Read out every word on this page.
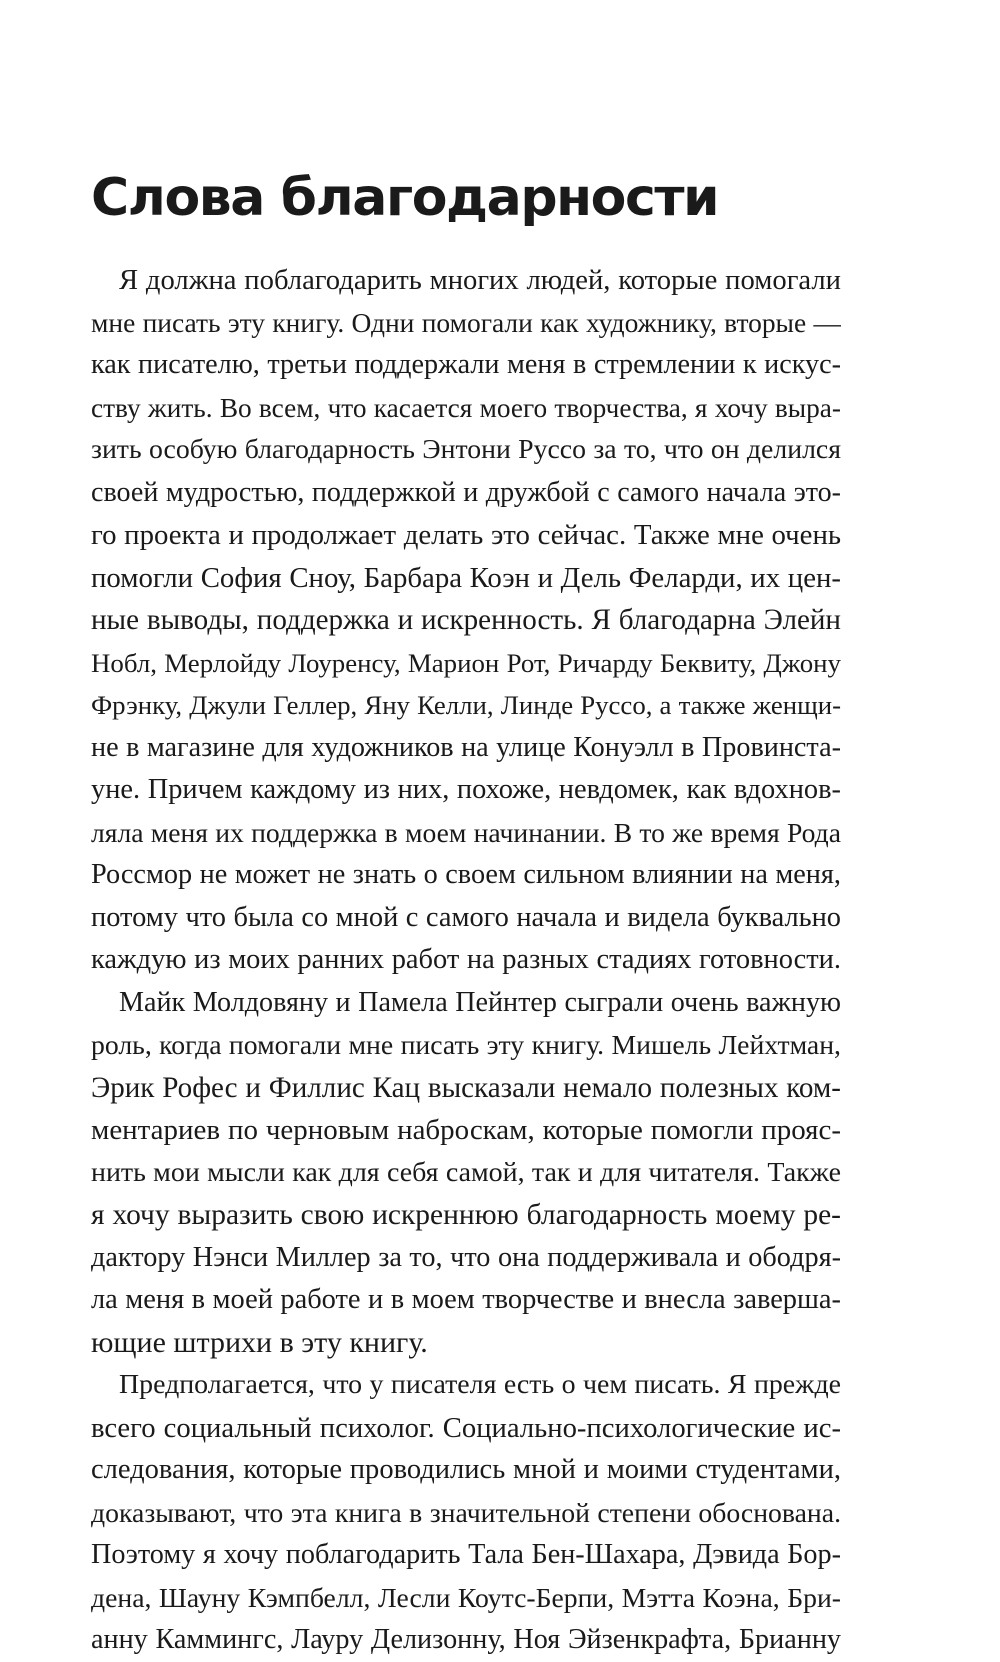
Слова благодарности
Я должна поблагодарить многих людей, которые помогали
мне писать эту книгу. Одни помогали как художнику, вторые —
как писателю, третьи поддержали меня в стремлении к искус-
ству жить. Во всем, что касается моего творчества, я хочу выра-
зить особую благодарность Энтони Руссо за то, что он делился
своей мудростью, поддержкой и дружбой с самого начала это-
го проекта и продолжает делать это сейчас. Также мне очень
помогли София Сноу, Барбара Коэн и Дель Феларди, их цен-
ные выводы, поддержка и искренность. Я благодарна Элейн
Нобл, Мерлойду Лоуренсу, Марион Рот, Ричарду Беквиту, Джону
Фрэнку, Джули Геллер, Яну Келли, Линде Руссо, а также женщи-
не в магазине для художников на улице Конуэлл в Провинста-
уне. Причем каждому из них, похоже, невдомек, как вдохнов-
ляла меня их поддержка в моем начинании. В то же время Рода
Россмор не может не знать о своем сильном влиянии на меня,
потому что была со мной с самого начала и видела буквально
каждую из моих ранних работ на разных стадиях готовности.
Майк Молдовяну и Памела Пейнтер сыграли очень важную
роль, когда помогали мне писать эту книгу. Мишель Лейхтман,
Эрик Рофес и Филлис Кац высказали немало полезных ком-
ментариев по черновым наброскам, которые помогли прояс-
нить мои мысли как для себя самой, так и для читателя. Также
я хочу выразить свою искреннюю благодарность моему ре-
дактору Нэнси Миллер за то, что она поддерживала и ободря-
ла меня в моей работе и в моем творчестве и внесла заверша-
ющие штрихи в эту книгу.
Предполагается, что у писателя есть о чем писать. Я прежде
всего социальный психолог. Социально-психологические ис-
следования, которые проводились мной и моими студентами,
доказывают, что эта книга в значительной степени обоснована.
Поэтому я хочу поблагодарить Тала Бен-Шахара, Дэвида Бор-
дена, Шауну Кэмпбелл, Лесли Коутс-Берпи, Мэтта Коэна, Бри-
анну Каммингс, Лауру Делизонну, Ноя Эйзенкрафта, Брианну
